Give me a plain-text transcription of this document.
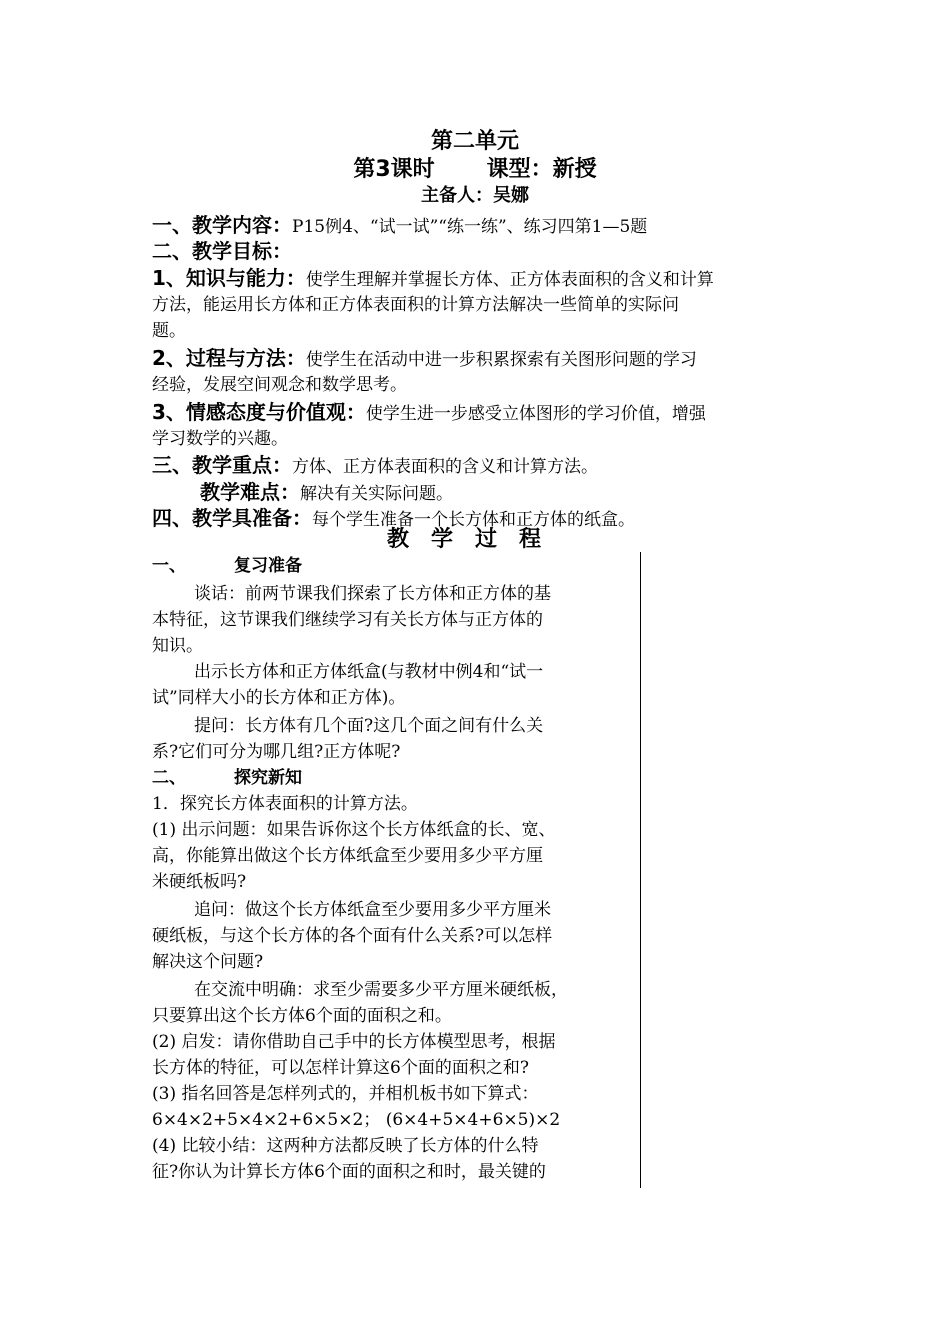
第二单元
第3课时 课型：新授
主备人：吴娜
一、教学内容：P15例4、“试一试”“练一练”、练习四第1—5题
二、教学目标：
1、知识与能力：使学生理解并掌握长方体、正方体表面积的含义和计算
方法，能运用长方体和正方体表面积的计算方法解决一些简单的实际问
题。
2、过程与方法：使学生在活动中进一步积累探索有关图形问题的学习
经验，发展空间观念和数学思考。
3、情感态度与价值观：使学生进一步感受立体图形的学习价值，增强
学习数学的兴趣。
三、教学重点：方体、正方体表面积的含义和计算方法。
教学难点：解决有关实际问题。
四、教学具准备：每个学生准备一个长方体和正方体的纸盒。
教学过程
一、	复习准备
谈话：前两节课我们探索了长方体和正方体的基
本特征，这节课我们继续学习有关长方体与正方体的
知识。
出示长方体和正方体纸盒(与教材中例4和“试一
试”同样大小的长方体和正方体)。
提问：长方体有几个面?这几个面之间有什么关
系?它们可分为哪几组?正方体呢?
二、	探究新知
1．探究长方体表面积的计算方法。
(1) 出示问题：如果告诉你这个长方体纸盒的长、宽、
高，你能算出做这个长方体纸盒至少要用多少平方厘
米硬纸板吗?
追问：做这个长方体纸盒至少要用多少平方厘米
硬纸板，与这个长方体的各个面有什么关系?可以怎样
解决这个问题?
在交流中明确：求至少需要多少平方厘米硬纸板，
只要算出这个长方体6个面的面积之和。
(2) 启发：请你借助自己手中的长方体模型思考，根据
长方体的特征，可以怎样计算这6个面的面积之和?
(3) 指名回答是怎样列式的，并相机板书如下算式：
6×4×2+5×4×2+6×5×2； (6×4+5×4+6×5)×2
(4) 比较小结：这两种方法都反映了长方体的什么特
征?你认为计算长方体6个面的面积之和时，最关键的
